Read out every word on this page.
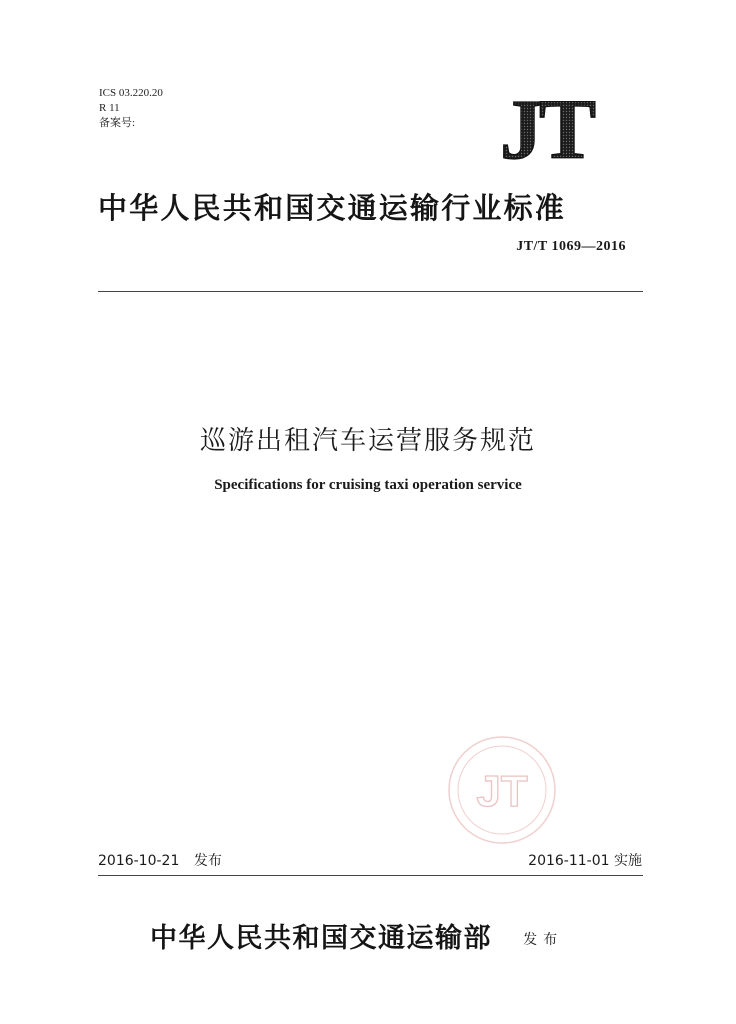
ICS 03.220.20
R 11
备案号:	JT
中华人民共和国交通运输行业标准
JT/T 1069—2016
巡游出租汽车运营服务规范
Specifications for cruising taxi operation service
JT
2016-10-21 发布	2016-11-01 实施
中华人民共和国交通运输部 发布
